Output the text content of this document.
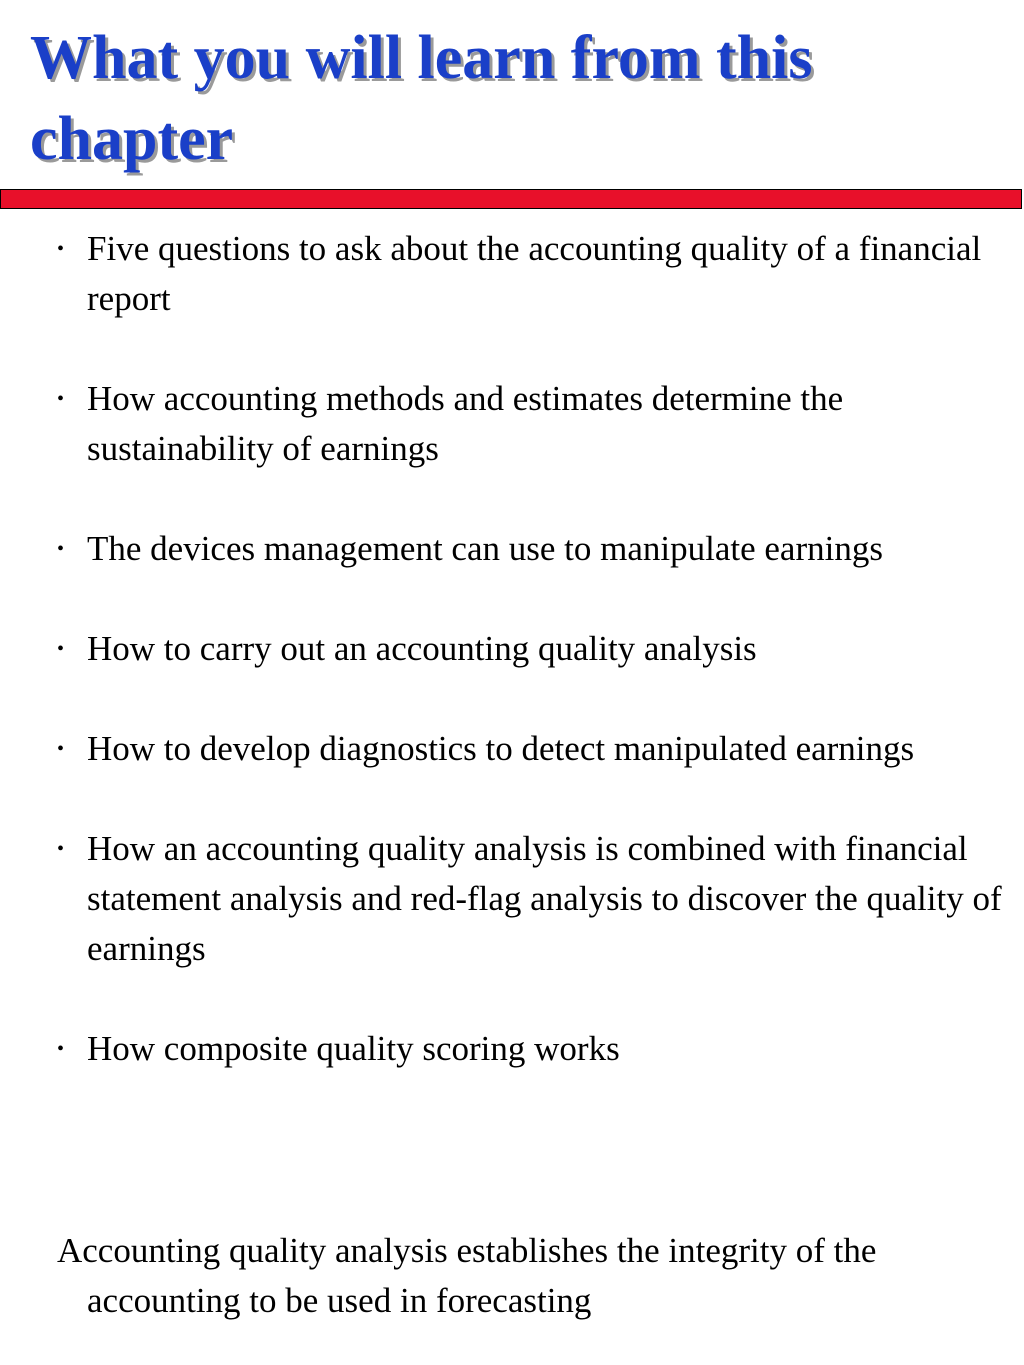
What you will learn from this chapter
• Five questions to ask about the accounting quality of a financial report
• How accounting methods and estimates determine the sustainability of earnings
• The devices management can use to manipulate earnings
• How to carry out an accounting quality analysis
• How to develop diagnostics to detect manipulated earnings
• How an accounting quality analysis is combined with financial statement analysis and red-flag analysis to discover the quality of earnings
• How composite quality scoring works

Accounting quality analysis establishes the integrity of the accounting to be used in forecasting
